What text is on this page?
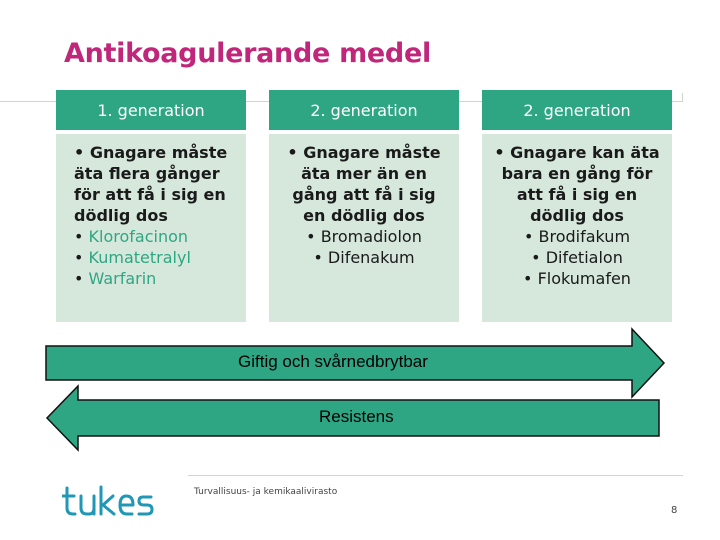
Antikoagulerande medel
1. generation
• Gnagare måste äta flera gånger för att få i sig en dödlig dos
• Klorofacinon
• Kumatetralyl
• Warfarin
2. generation
• Gnagare måste äta mer än en gång att få i sig en dödlig dos
• Bromadiolon
• Difenakum
2. generation
• Gnagare kan äta bara en gång för att få i sig en dödlig dos
• Brodifakum
• Difetialon
• Flokumafen
Giftig och svårnedbrytbar
Resistens
Turvallisuus- ja kemikaalivirasto
8
